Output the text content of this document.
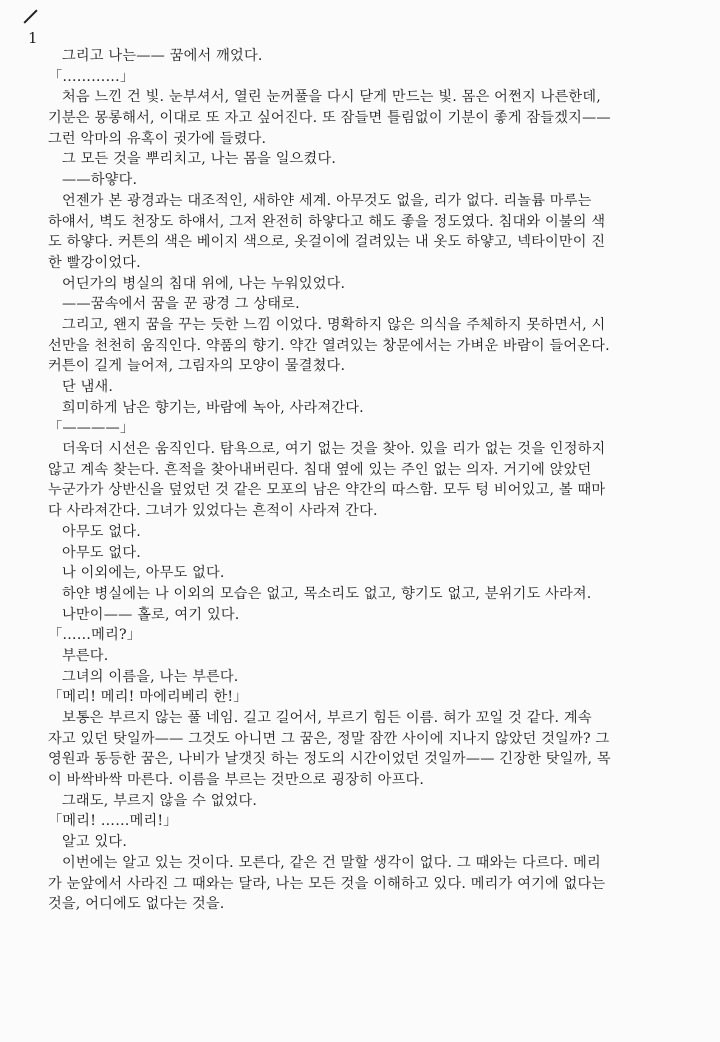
1
그리고 나는—— 꿈에서 깨었다.
「…………」
처음 느낀 건 빛. 눈부셔서, 열린 눈꺼풀을 다시 닫게 만드는 빛. 몸은 어쩐지 나른한데,
기분은 몽롱해서, 이대로 또 자고 싶어진다. 또 잠들면 틀림없이 기분이 좋게 잠들겠지——
그런 악마의 유혹이 귓가에 들렸다.
그 모든 것을 뿌리치고, 나는 몸을 일으켰다.
——하얗다.
언젠가 본 광경과는 대조적인, 새하얀 세계. 아무것도 없을, 리가 없다. 리놀륨 마루는
하얘서, 벽도 천장도 하얘서, 그저 완전히 하얗다고 해도 좋을 정도였다. 침대와 이불의 색
도 하얗다. 커튼의 색은 베이지 색으로, 옷걸이에 걸려있는 내 옷도 하얗고, 넥타이만이 진
한 빨강이었다.
어딘가의 병실의 침대 위에, 나는 누워있었다.
——꿈속에서 꿈을 꾼 광경 그 상태로.
그리고, 왠지 꿈을 꾸는 듯한 느낌 이었다. 명확하지 않은 의식을 주체하지 못하면서, 시
선만을 천천히 움직인다. 약품의 향기. 약간 열려있는 창문에서는 가벼운 바람이 들어온다.
커튼이 길게 늘어져, 그림자의 모양이 물결쳤다.
단 냄새.
희미하게 남은 향기는, 바람에 녹아, 사라져간다.
「————」
더욱더 시선은 움직인다. 탐욕으로, 여기 없는 것을 찾아. 있을 리가 없는 것을 인정하지
않고 계속 찾는다. 흔적을 찾아내버린다. 침대 옆에 있는 주인 없는 의자. 거기에 앉았던
누군가가 상반신을 덮었던 것 같은 모포의 남은 약간의 따스함. 모두 텅 비어있고, 볼 때마
다 사라져간다. 그녀가 있었다는 흔적이 사라져 간다.
아무도 없다.
아무도 없다.
나 이외에는, 아무도 없다.
하얀 병실에는 나 이외의 모습은 없고, 목소리도 없고, 향기도 없고, 분위기도 사라져.
나만이—— 홀로, 여기 있다.
「……메리?」
부른다.
그녀의 이름을, 나는 부른다.
「메리! 메리! 마에리베리 한!」
보통은 부르지 않는 풀 네임. 길고 길어서, 부르기 힘든 이름. 혀가 꼬일 것 같다. 계속
자고 있던 탓일까—— 그것도 아니면 그 꿈은, 정말 잠깐 사이에 지나지 않았던 것일까? 그
영원과 동등한 꿈은, 나비가 날갯짓 하는 정도의 시간이었던 것일까—— 긴장한 탓일까, 목
이 바싹바싹 마른다. 이름을 부르는 것만으로 굉장히 아프다.
그래도, 부르지 않을 수 없었다.
「메리! ……메리!」
알고 있다.
이번에는 알고 있는 것이다. 모른다, 같은 건 말할 생각이 없다. 그 때와는 다르다. 메리
가 눈앞에서 사라진 그 때와는 달라, 나는 모든 것을 이해하고 있다. 메리가 여기에 없다는
것을, 어디에도 없다는 것을.
